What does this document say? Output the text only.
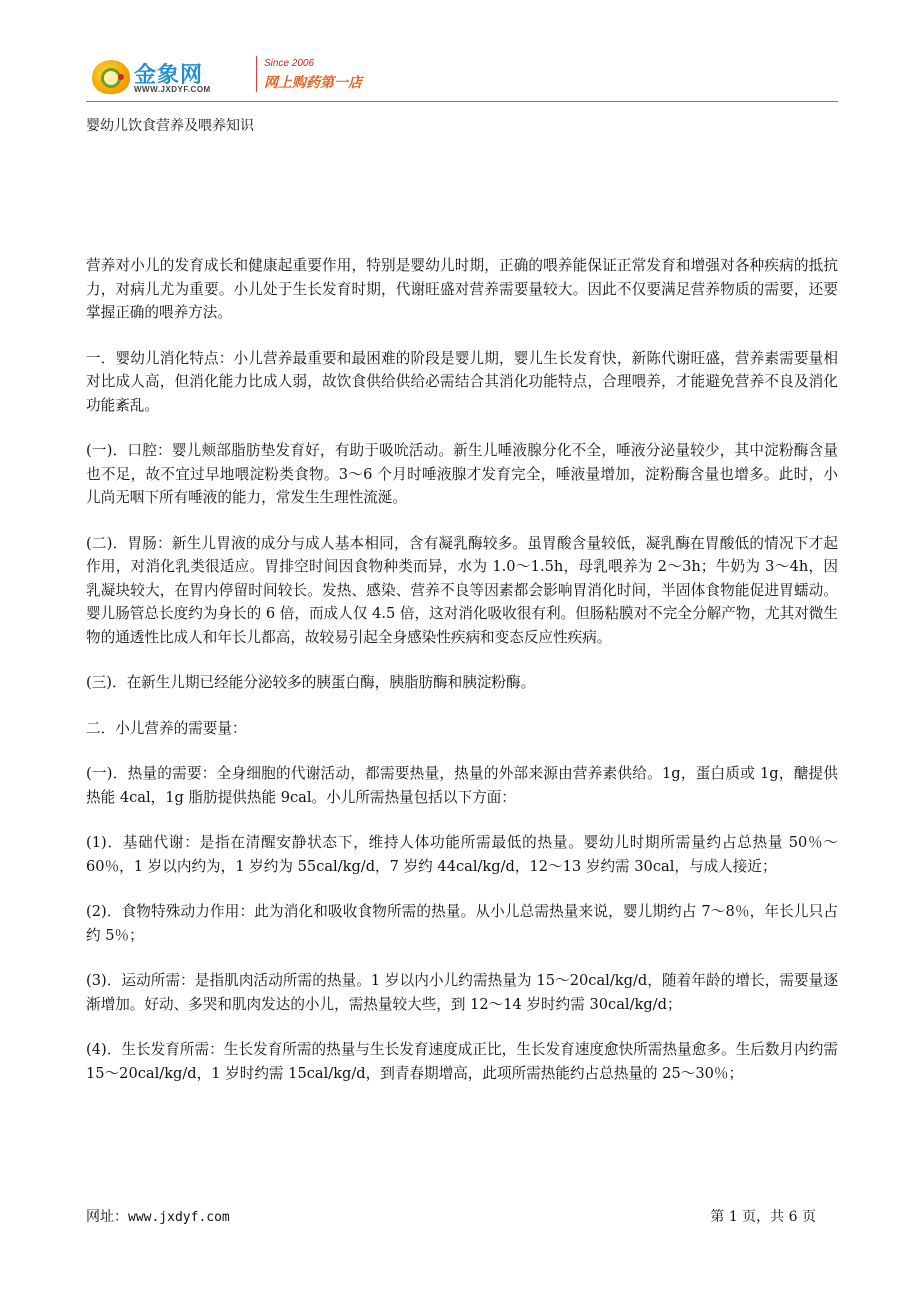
金象网
WWW.JXDYF.COM
Since 2006
网上购药第一店
婴幼儿饮食营养及喂养知识

营养对小儿的发育成长和健康起重要作用，特别是婴幼儿时期，正确的喂养能保证正常发育和增强对各种疾病的抵抗力，对病儿尤为重要。小儿处于生长发育时期，代谢旺盛对营养需要量较大。因此不仅要满足营养物质的需要，还要掌握正确的喂养方法。

一．婴幼儿消化特点：小儿营养最重要和最困难的阶段是婴儿期，婴儿生长发育快，新陈代谢旺盛，营养素需要量相对比成人高，但消化能力比成人弱，故饮食供给供给必需结合其消化功能特点，合理喂养，才能避免营养不良及消化功能紊乱。

(一)．口腔：婴儿颊部脂肪垫发育好，有助于吸吮活动。新生儿唾液腺分化不全，唾液分泌量较少，其中淀粉酶含量也不足，故不宜过早地喂淀粉类食物。3～6 个月时唾液腺才发育完全，唾液量增加，淀粉酶含量也增多。此时，小儿尚无咽下所有唾液的能力，常发生生理性流涎。

(二)．胃肠：新生儿胃液的成分与成人基本相同，含有凝乳酶较多。虽胃酸含量较低，凝乳酶在胃酸低的情况下才起作用，对消化乳类很适应。胃排空时间因食物种类而异，水为 1.0～1.5h，母乳喂养为 2～3h；牛奶为 3～4h，因乳凝块较大，在胃内停留时间较长。发热、感染、营养不良等因素都会影响胃消化时间，半固体食物能促进胃蠕动。婴儿肠管总长度约为身长的 6 倍，而成人仅 4.5 倍，这对消化吸收很有利。但肠粘膜对不完全分解产物，尤其对微生物的通透性比成人和年长儿都高，故较易引起全身感染性疾病和变态反应性疾病。

(三)．在新生儿期已经能分泌较多的胰蛋白酶，胰脂肪酶和胰淀粉酶。

二．小儿营养的需要量：

(一)．热量的需要：全身细胞的代谢活动，都需要热量，热量的外部来源由营养素供给。1g，蛋白质或 1g，醣提供热能 4cal，1g 脂肪提供热能 9cal。小儿所需热量包括以下方面：

(1)．基础代谢：是指在清醒安静状态下，维持人体功能所需最低的热量。婴幼儿时期所需量约占总热量 50％～60％，1 岁以内约为，1 岁约为 55cal/kg/d，7 岁约 44cal/kg/d，12～13 岁约需 30cal，与成人接近；

(2)．食物特殊动力作用：此为消化和吸收食物所需的热量。从小儿总需热量来说，婴儿期约占 7～8％，年长儿只占约 5％；

(3)．运动所需：是指肌肉活动所需的热量。1 岁以内小儿约需热量为 15～20cal/kg/d，随着年龄的增长，需要量逐渐增加。好动、多哭和肌肉发达的小儿，需热量较大些，到 12～14 岁时约需 30cal/kg/d；

(4)．生长发育所需：生长发育所需的热量与生长发育速度成正比，生长发育速度愈快所需热量愈多。生后数月内约需 15～20cal/kg/d，1 岁时约需 15cal/kg/d，到青春期增高，此项所需热能约占总热量的 25～30％；

网址：www.jxdyf.com	第 1 页，共 6 页
